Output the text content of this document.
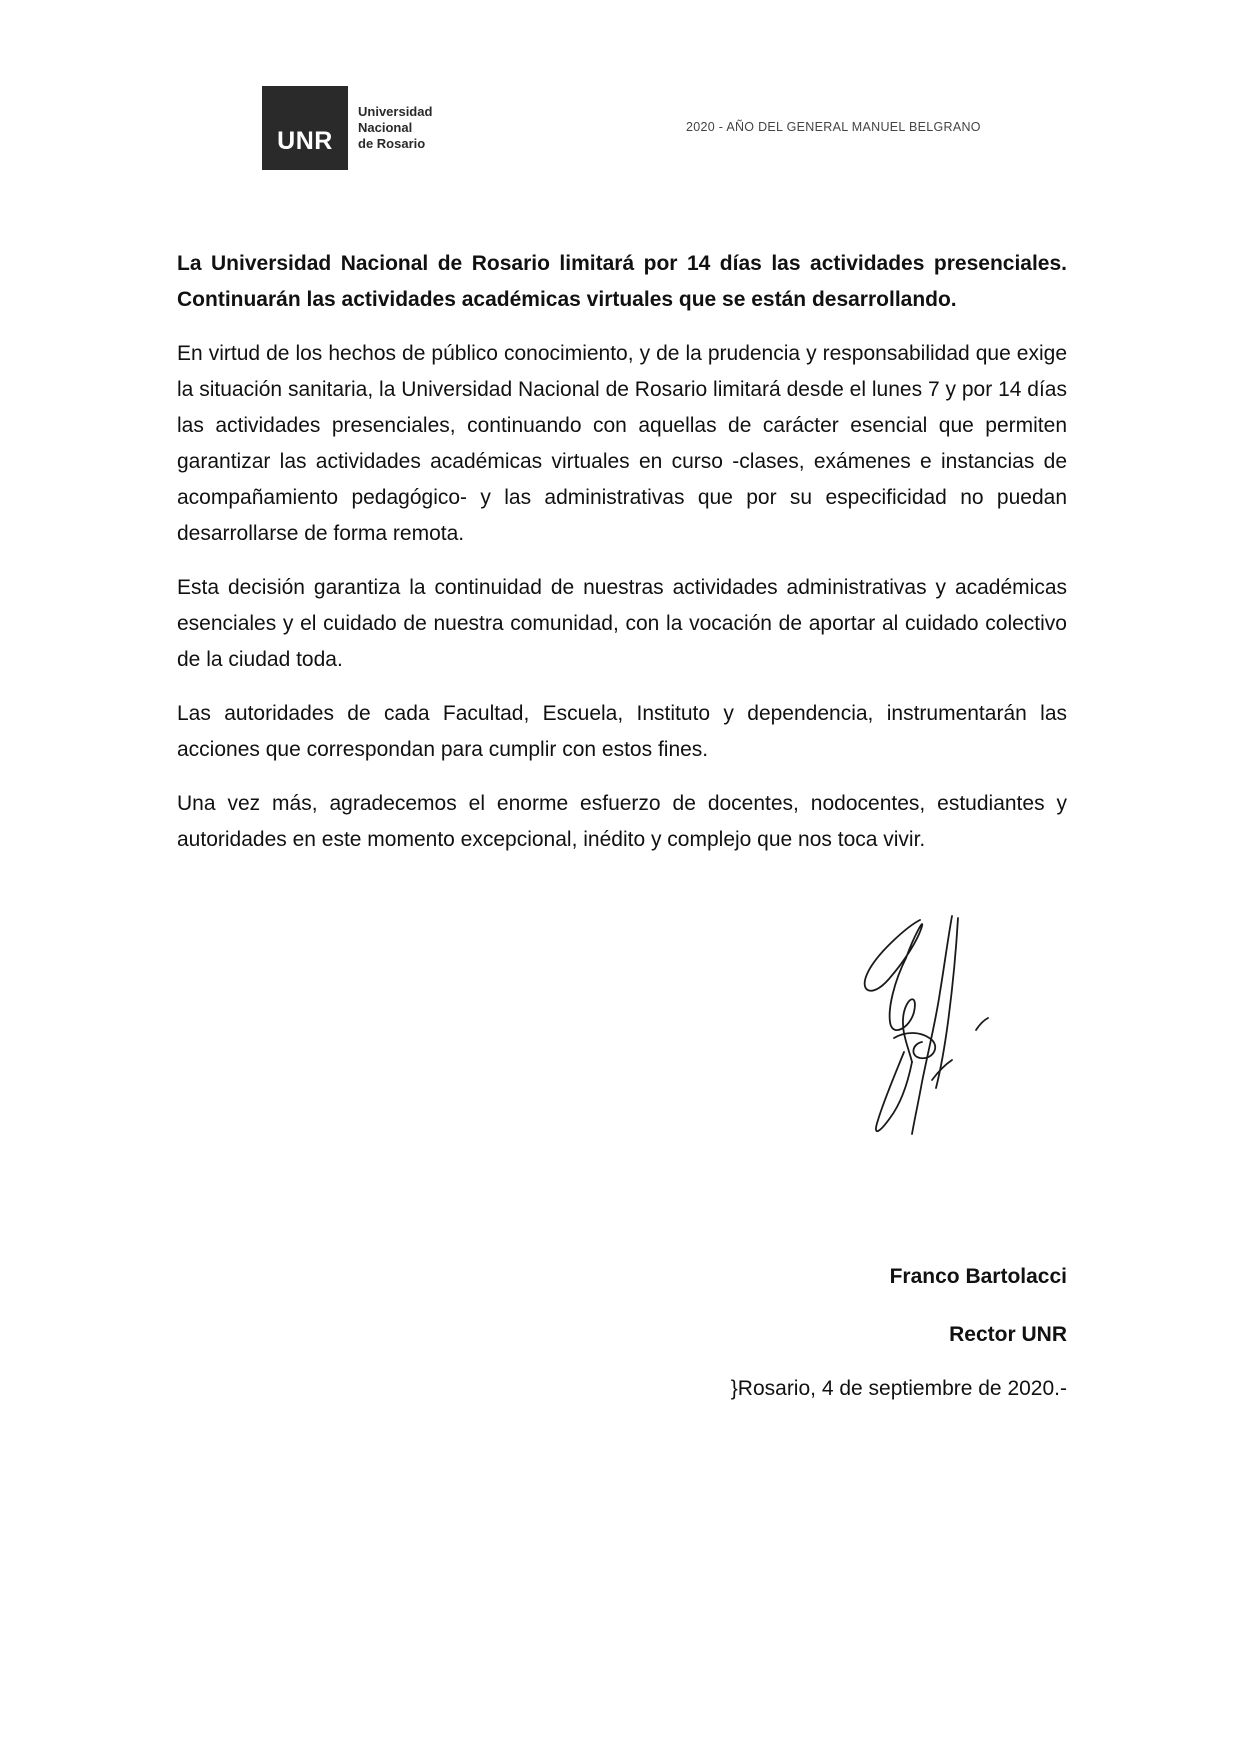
UNR
Universidad
Nacional
de Rosario
2020 - AÑO DEL GENERAL MANUEL BELGRANO
La Universidad Nacional de Rosario limitará por 14 días las actividades presenciales.
Continuarán las actividades académicas virtuales que se están desarrollando.

En virtud de los hechos de público conocimiento, y de la prudencia y responsabilidad que exige la situación sanitaria, la Universidad Nacional de Rosario limitará desde el lunes 7 y por 14 días las actividades presenciales, continuando con aquellas de carácter esencial que permiten garantizar las actividades académicas virtuales en curso -clases, exámenes e instancias de acompañamiento pedagógico- y las administrativas que por su especificidad no puedan desarrollarse de forma remota.

Esta decisión garantiza la continuidad de nuestras actividades administrativas y académicas esenciales y el cuidado de nuestra comunidad, con la vocación de aportar al cuidado colectivo de la ciudad toda.

Las autoridades de cada Facultad, Escuela, Instituto y dependencia, instrumentarán las acciones que correspondan para cumplir con estos fines.

Una vez más, agradecemos el enorme esfuerzo de docentes, nodocentes, estudiantes y autoridades en este momento excepcional, inédito y complejo que nos toca vivir.

Franco Bartolacci
Rector UNR
}Rosario, 4 de septiembre de 2020.-
